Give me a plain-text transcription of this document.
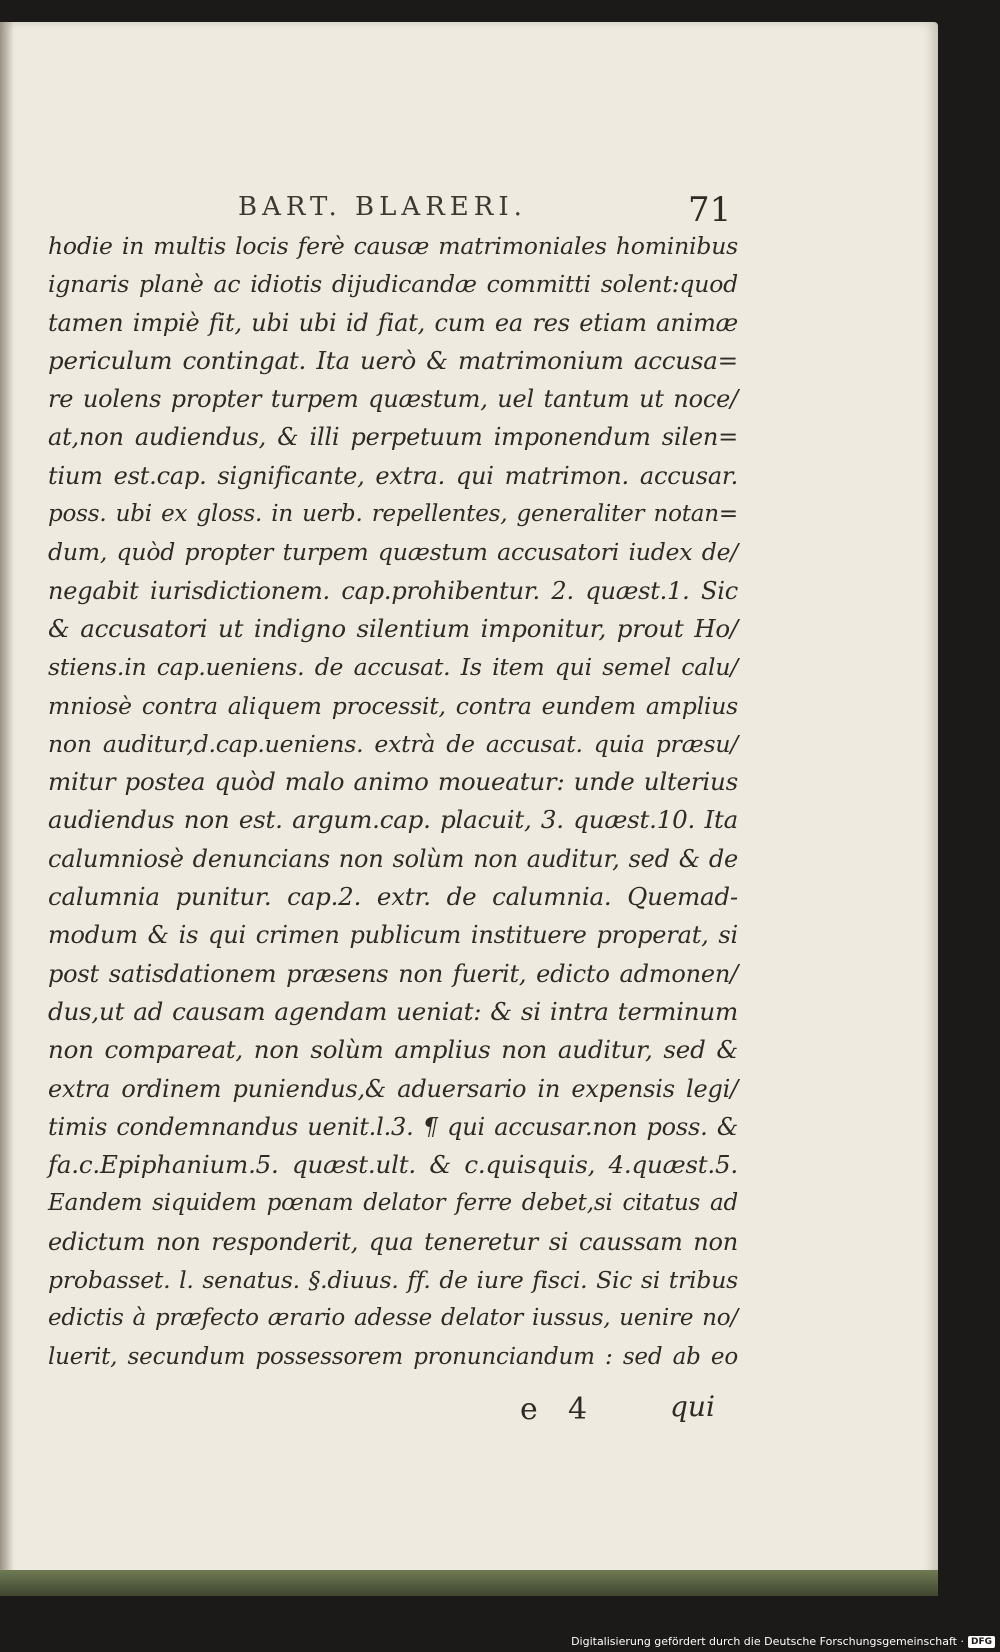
BART. BLARERI.	71
hodie in multis locis ferè causæ matrimoniales hominibus
ignaris planè ac idiotis dijudicandæ committi solent:quod
tamen impiè fit, ubi ubi id fiat, cum ea res etiam animæ
periculum contingat. Ita uerò & matrimonium accusa=
re uolens propter turpem quæstum, uel tantum ut noce/
at,non audiendus, & illi perpetuum imponendum silen=
tium est.cap. significante, extra. qui matrimon. accusar.
poss. ubi ex gloss. in uerb. repellentes, generaliter notan=
dum, quòd propter turpem quæstum accusatori iudex de/
negabit iurisdictionem. cap.prohibentur. 2. quæst.1. Sic
& accusatori ut indigno silentium imponitur, prout Ho/
stiens.in cap.ueniens. de accusat. Is item qui semel calu/
mniosè contra aliquem processit, contra eundem amplius
non auditur,d.cap.ueniens. extrà de accusat. quia præsu/
mitur postea quòd malo animo moueatur: unde ulterius
audiendus non est. argum.cap. placuit, 3. quæst.10. Ita
calumniosè denuncians non solùm non auditur, sed & de
calumnia punitur. cap.2. extr. de calumnia. Quemad-
modum & is qui crimen publicum instituere properat, si
post satisdationem præsens non fuerit, edicto admonen/
dus,ut ad causam agendam ueniat: & si intra terminum
non compareat, non solùm amplius non auditur, sed &
extra ordinem puniendus,& aduersario in expensis legi/
timis condemnandus uenit.l.3. ¶ qui accusar.non poss. &
fa.c.Epiphanium.5. quæst.ult. & c.quisquis, 4.quæst.5.
Eandem siquidem pœnam delator ferre debet,si citatus ad
edictum non responderit, qua teneretur si caussam non
probasset. l. senatus. §.diuus. ff. de iure fisci. Sic si tribus
edictis à præfecto ærario adesse delator iussus, uenire no/
luerit, secundum possessorem pronunciandum : sed ab eo
e 4	qui
Digitalisierung gefördert durch die Deutsche Forschungsgemeinschaft · DFG
